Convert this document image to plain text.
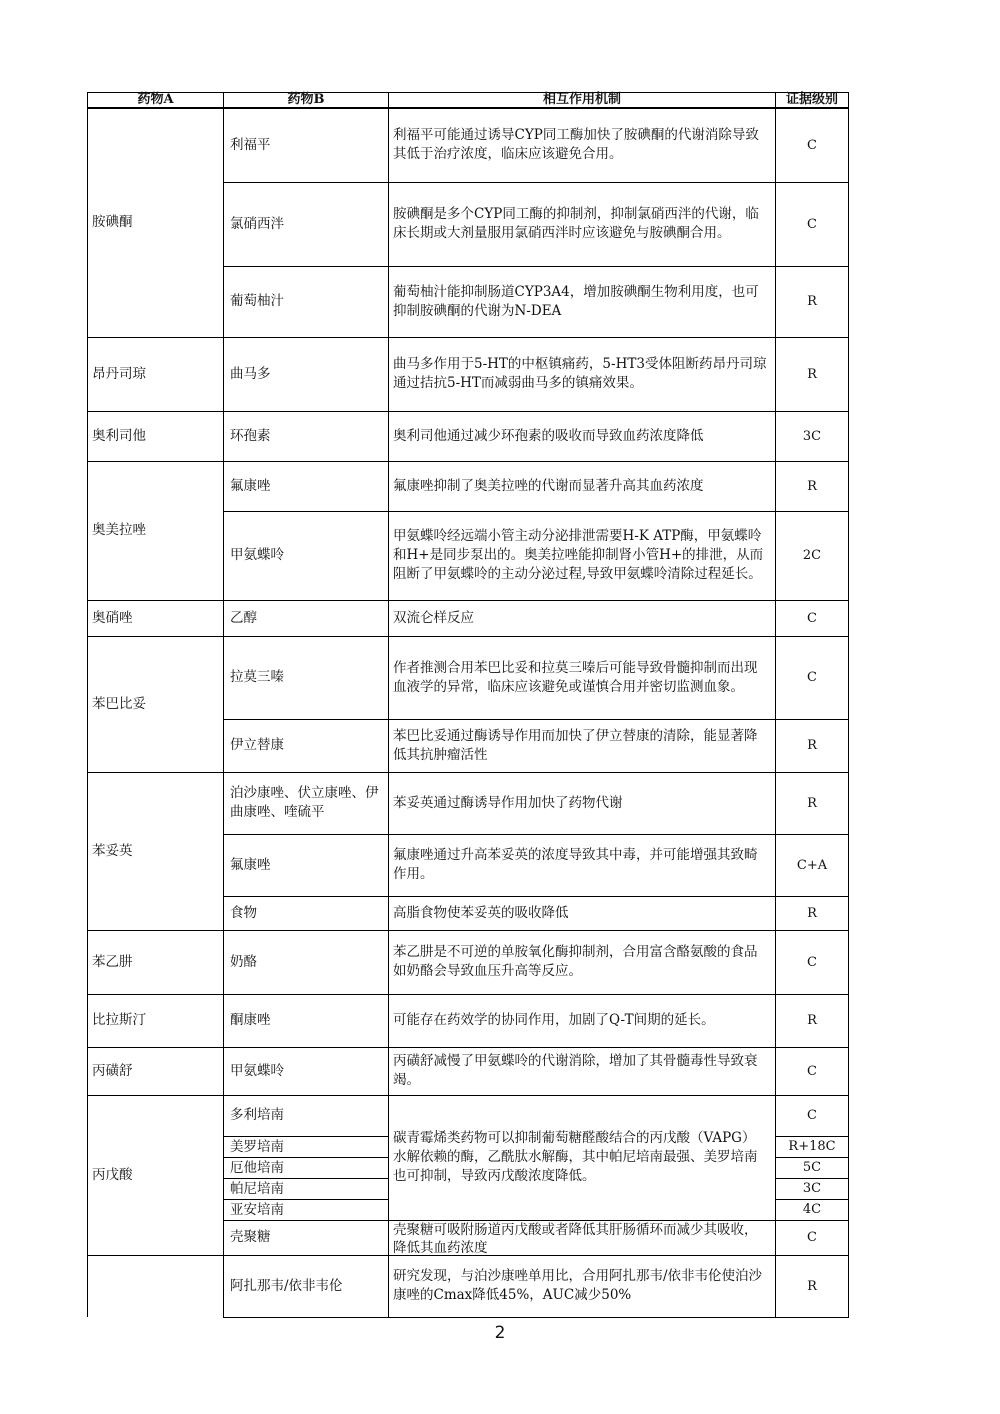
药物A	药物B	相互作用机制	证据级别
胺碘酮	利福平	利福平可能通过诱导CYP同工酶加快了胺碘酮的代谢消除导致其低于治疗浓度，临床应该避免合用。	C
	氯硝西泮	胺碘酮是多个CYP同工酶的抑制剂，抑制氯硝西泮的代谢，临床长期或大剂量服用氯硝西泮时应该避免与胺碘酮合用。	C
	葡萄柚汁	葡萄柚汁能抑制肠道CYP3A4，增加胺碘酮生物利用度，也可抑制胺碘酮的代谢为N-DEA	R
昂丹司琼	曲马多	曲马多作用于5-HT的中枢镇痛药，5-HT3受体阻断药昂丹司琼通过拮抗5-HT而减弱曲马多的镇痛效果。	R
奥利司他	环孢素	奥利司他通过减少环孢素的吸收而导致血药浓度降低	3C
奥美拉唑	氟康唑	氟康唑抑制了奥美拉唑的代谢而显著升高其血药浓度	R
	甲氨蝶呤	甲氨蝶呤经远端小管主动分泌排泄需要H-K ATP酶，甲氨蝶呤和H+是同步泵出的。奥美拉唑能抑制肾小管H+的排泄，从而阻断了甲氨蝶呤的主动分泌过程,导致甲氨蝶呤清除过程延长。	2C
奥硝唑	乙醇	双流仑样反应	C
苯巴比妥	拉莫三嗪	作者推测合用苯巴比妥和拉莫三嗪后可能导致骨髓抑制而出现血液学的异常，临床应该避免或谨慎合用并密切监测血象。	C
	伊立替康	苯巴比妥通过酶诱导作用而加快了伊立替康的清除，能显著降低其抗肿瘤活性	R
苯妥英	泊沙康唑、伏立康唑、伊曲康唑、喹硫平	苯妥英通过酶诱导作用加快了药物代谢	R
	氟康唑	氟康唑通过升高苯妥英的浓度导致其中毒，并可能增强其致畸作用。	C+A
	食物	高脂食物使苯妥英的吸收降低	R
苯乙肼	奶酪	苯乙肼是不可逆的单胺氧化酶抑制剂，合用富含酪氨酸的食品如奶酪会导致血压升高等反应。	C
比拉斯汀	酮康唑	可能存在药效学的协同作用，加剧了Q-T间期的延长。	R
丙磺舒	甲氨蝶呤	丙磺舒减慢了甲氨蝶呤的代谢消除，增加了其骨髓毒性导致衰竭。	C
丙戊酸	多利培南	碳青霉烯类药物可以抑制葡萄糖醛酸结合的丙戊酸（VAPG）水解依赖的酶，乙酰肽水解酶，其中帕尼培南最强、美罗培南也可抑制，导致丙戊酸浓度降低。	C
	美罗培南		R+18C
	厄他培南		5C
	帕尼培南		3C
	亚安培南		4C
	壳聚糖	壳聚糖可吸附肠道丙戊酸或者降低其肝肠循环而减少其吸收，降低其血药浓度	C
	阿扎那韦/依非韦伦	研究发现，与泊沙康唑单用比，合用阿扎那韦/依非韦伦使泊沙康唑的Cmax降低45%，AUC减少50%	R
2
